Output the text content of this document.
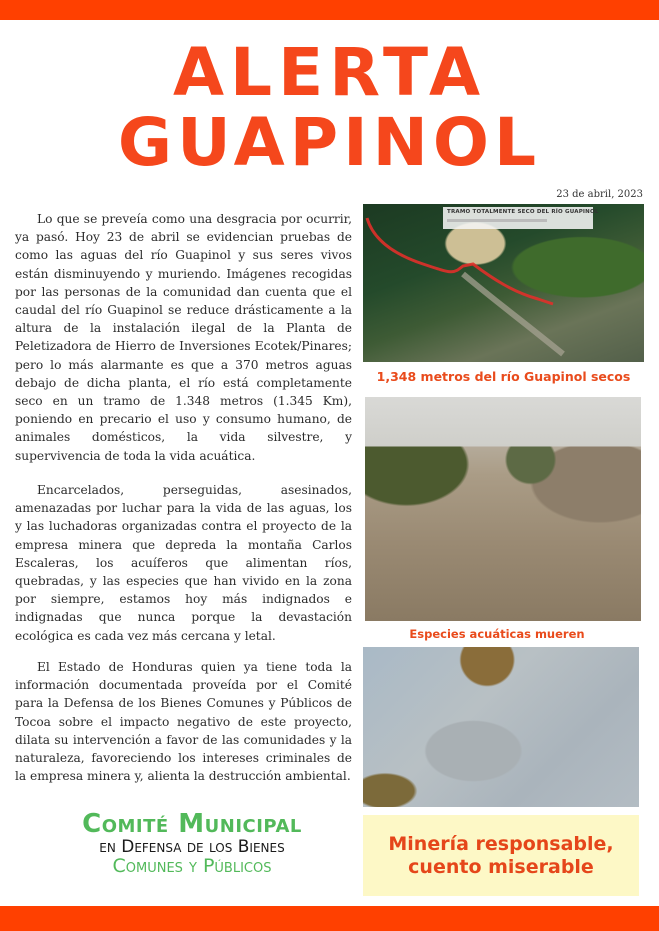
ALERTA
GUAPINOL
23 de abril, 2023

Lo que se preveía como una desgracia por ocurrir, ya pasó. Hoy 23 de abril se evidencian pruebas de como las aguas del río Guapinol y sus seres vivos están disminuyendo y muriendo. Imágenes recogidas por las personas de la comunidad dan cuenta que el caudal del río Guapinol se reduce drásticamente a la altura de la instalación ilegal de la Planta de Peletizadora de Hierro de Inversiones Ecotek/Pinares; pero lo más alarmante es que a 370 metros aguas debajo de dicha planta, el río está completamente seco en un tramo de 1.348 metros (1.345 Km), poniendo en precario el uso y consumo humano, de animales domésticos, la vida silvestre, y supervivencia de toda la vida acuática.

Encarcelados, perseguidas, asesinados, amenazadas por luchar para la vida de las aguas, los y las luchadoras organizadas contra el proyecto de la empresa minera que depreda la montaña Carlos Escaleras, los acuíferos que alimentan ríos, quebradas, y las especies que han vivido en la zona por siempre, estamos hoy más indignados e indignadas que nunca porque la devastación ecológica es cada vez más cercana y letal.

El Estado de Honduras quien ya tiene toda la información documentada proveída por el Comité para la Defensa de los Bienes Comunes y Públicos de Tocoa sobre el impacto negativo de este proyecto, dilata su intervención a favor de las comunidades y la naturaleza, favoreciendo los intereses criminales de la empresa minera y, alienta la destrucción ambiental.

Comité Municipal
en Defensa de los Bienes
Comunes y Públicos
TRAMO TOTALMENTE SECO DEL RÍO GUAPINOL
1,348 metros del río Guapinol secos
Especies acuáticas mueren
Minería responsable,
cuento miserable
